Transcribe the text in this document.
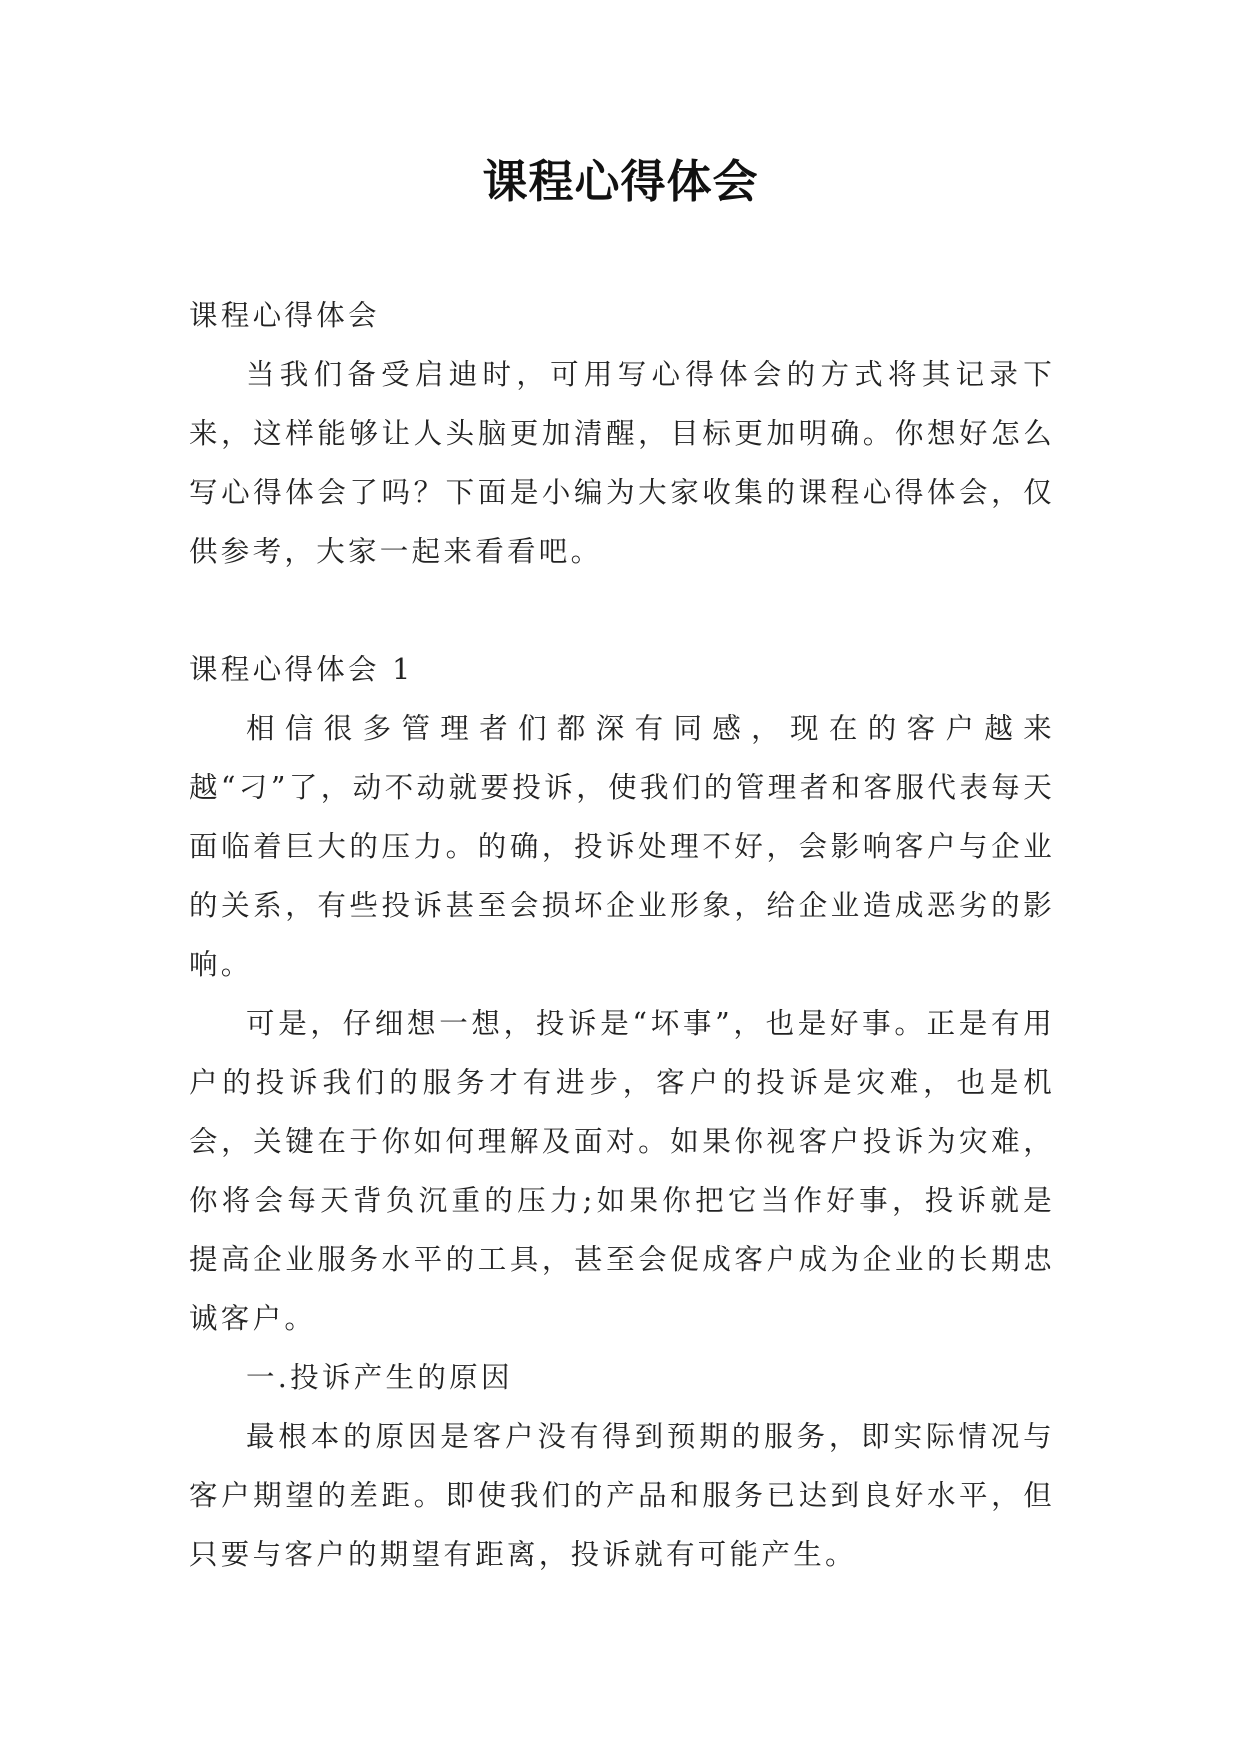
课程心得体会

课程心得体会

当我们备受启迪时，可用写心得体会的方式将其记录下来，这样能够让人头脑更加清醒，目标更加明确。你想好怎么写心得体会了吗？下面是小编为大家收集的课程心得体会，仅供参考，大家一起来看看吧。

课程心得体会 1

相信很多管理者们都深有同感，现在的客户越来越“刁”了，动不动就要投诉，使我们的管理者和客服代表每天面临着巨大的压力。的确，投诉处理不好，会影响客户与企业的关系，有些投诉甚至会损坏企业形象，给企业造成恶劣的影响。

可是，仔细想一想，投诉是“坏事”，也是好事。正是有用户的投诉我们的服务才有进步，客户的投诉是灾难，也是机会，关键在于你如何理解及面对。如果你视客户投诉为灾难，你将会每天背负沉重的压力;如果你把它当作好事，投诉就是提高企业服务水平的工具，甚至会促成客户成为企业的长期忠诚客户。

一.投诉产生的原因

最根本的原因是客户没有得到预期的服务，即实际情况与客户期望的差距。即使我们的产品和服务已达到良好水平，但只要与客户的期望有距离，投诉就有可能产生。
